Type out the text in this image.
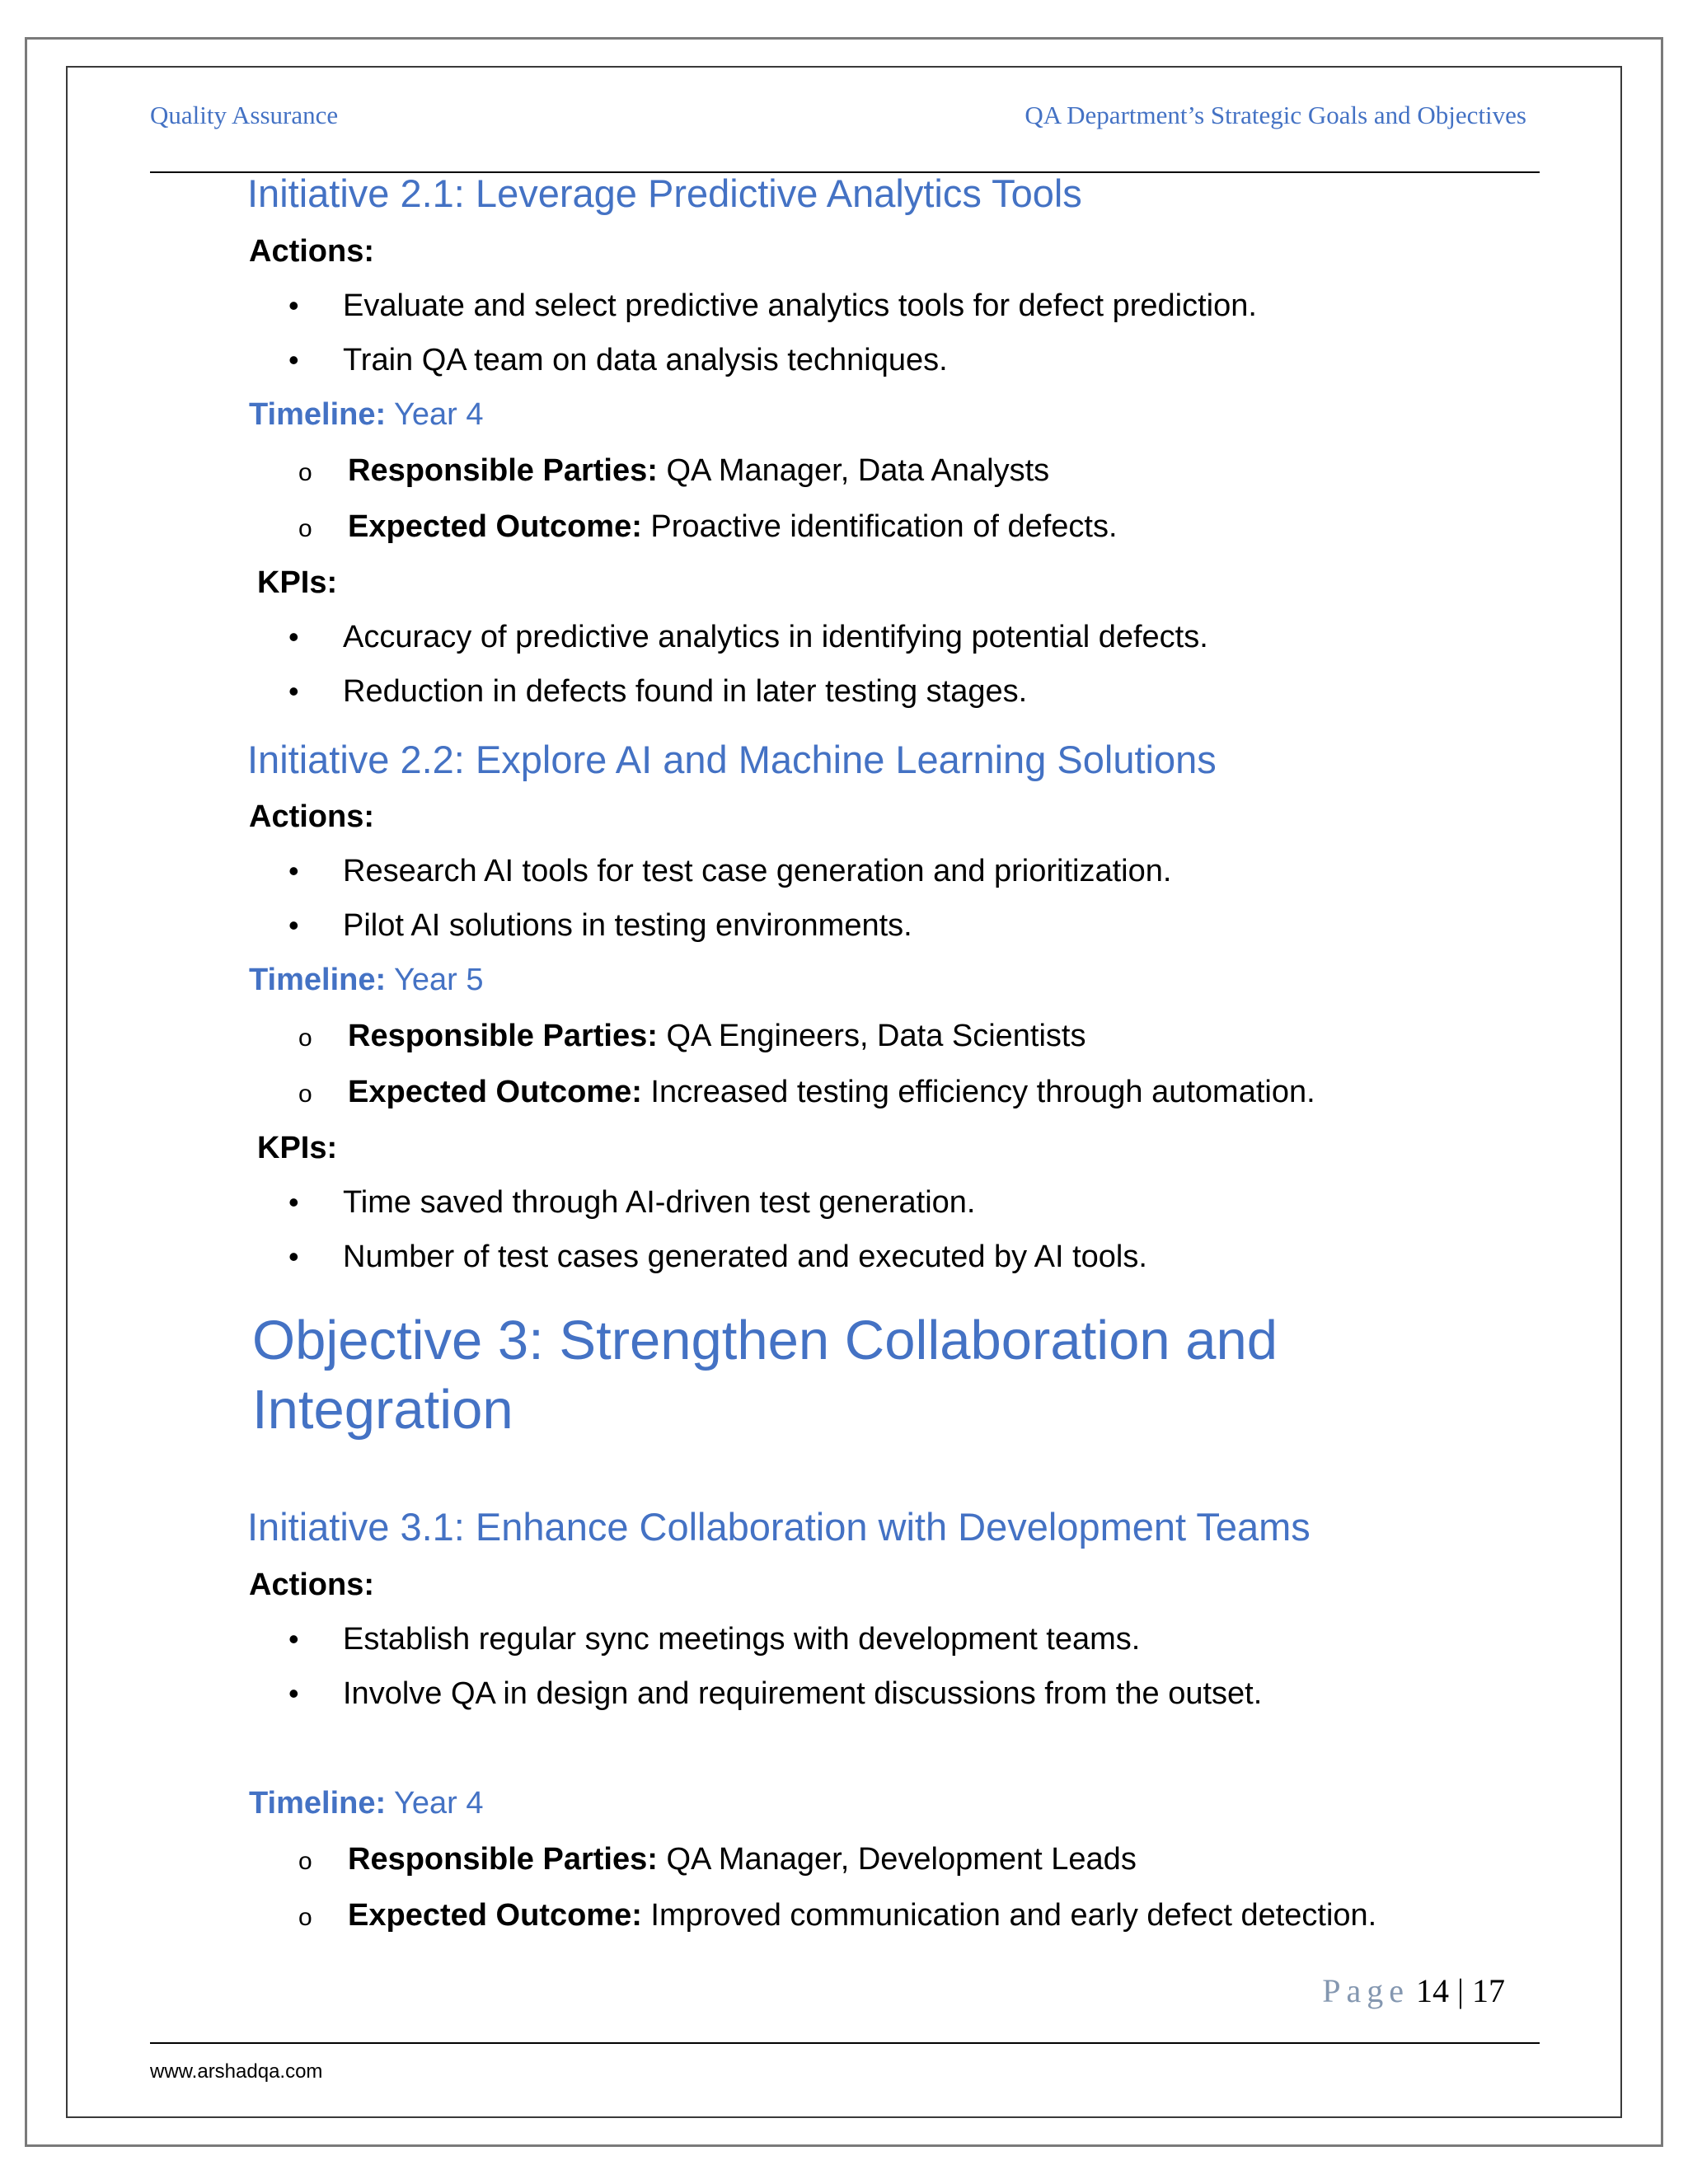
Quality Assurance	QA Department’s Strategic Goals and Objectives
Initiative 2.1: Leverage Predictive Analytics Tools
Actions:
• Evaluate and select predictive analytics tools for defect prediction.
• Train QA team on data analysis techniques.
Timeline: Year 4
o Responsible Parties: QA Manager, Data Analysts
o Expected Outcome: Proactive identification of defects.
KPIs:
• Accuracy of predictive analytics in identifying potential defects.
• Reduction in defects found in later testing stages.
Initiative 2.2: Explore AI and Machine Learning Solutions
Actions:
• Research AI tools for test case generation and prioritization.
• Pilot AI solutions in testing environments.
Timeline: Year 5
o Responsible Parties: QA Engineers, Data Scientists
o Expected Outcome: Increased testing efficiency through automation.
KPIs:
• Time saved through AI-driven test generation.
• Number of test cases generated and executed by AI tools.
Objective 3: Strengthen Collaboration and Integration
Initiative 3.1: Enhance Collaboration with Development Teams
Actions:
• Establish regular sync meetings with development teams.
• Involve QA in design and requirement discussions from the outset.
Timeline: Year 4
o Responsible Parties: QA Manager, Development Leads
o Expected Outcome: Improved communication and early defect detection.
Page 14 | 17
www.arshadqa.com
